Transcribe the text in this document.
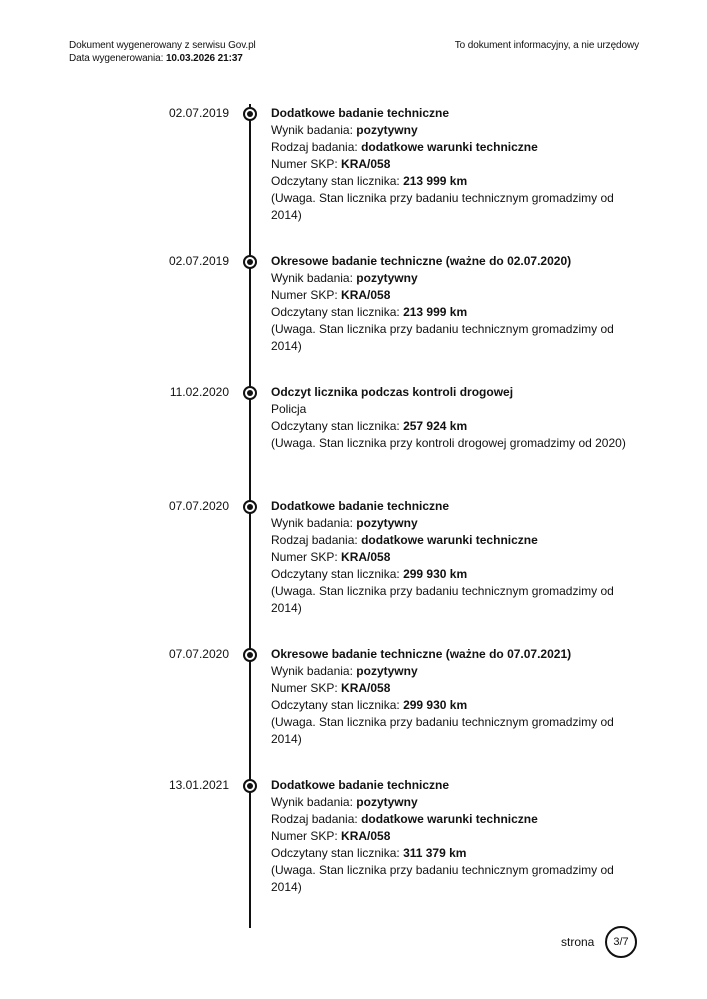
Dokument wygenerowany z serwisu Gov.pl
Data wygenerowania: 10.03.2026 21:37
To dokument informacyjny, a nie urzędowy
02.07.2019	Dodatkowe badanie techniczne
Wynik badania: pozytywny
Rodzaj badania: dodatkowe warunki techniczne
Numer SKP: KRA/058
Odczytany stan licznika: 213 999 km
(Uwaga. Stan licznika przy badaniu technicznym gromadzimy od 2014)
02.07.2019	Okresowe badanie techniczne (ważne do 02.07.2020)
Wynik badania: pozytywny
Numer SKP: KRA/058
Odczytany stan licznika: 213 999 km
(Uwaga. Stan licznika przy badaniu technicznym gromadzimy od 2014)
11.02.2020	Odczyt licznika podczas kontroli drogowej
Policja
Odczytany stan licznika: 257 924 km
(Uwaga. Stan licznika przy kontroli drogowej gromadzimy od 2020)
07.07.2020	Dodatkowe badanie techniczne
Wynik badania: pozytywny
Rodzaj badania: dodatkowe warunki techniczne
Numer SKP: KRA/058
Odczytany stan licznika: 299 930 km
(Uwaga. Stan licznika przy badaniu technicznym gromadzimy od 2014)
07.07.2020	Okresowe badanie techniczne (ważne do 07.07.2021)
Wynik badania: pozytywny
Numer SKP: KRA/058
Odczytany stan licznika: 299 930 km
(Uwaga. Stan licznika przy badaniu technicznym gromadzimy od 2014)
13.01.2021	Dodatkowe badanie techniczne
Wynik badania: pozytywny
Rodzaj badania: dodatkowe warunki techniczne
Numer SKP: KRA/058
Odczytany stan licznika: 311 379 km
(Uwaga. Stan licznika przy badaniu technicznym gromadzimy od 2014)
strona 3/7
